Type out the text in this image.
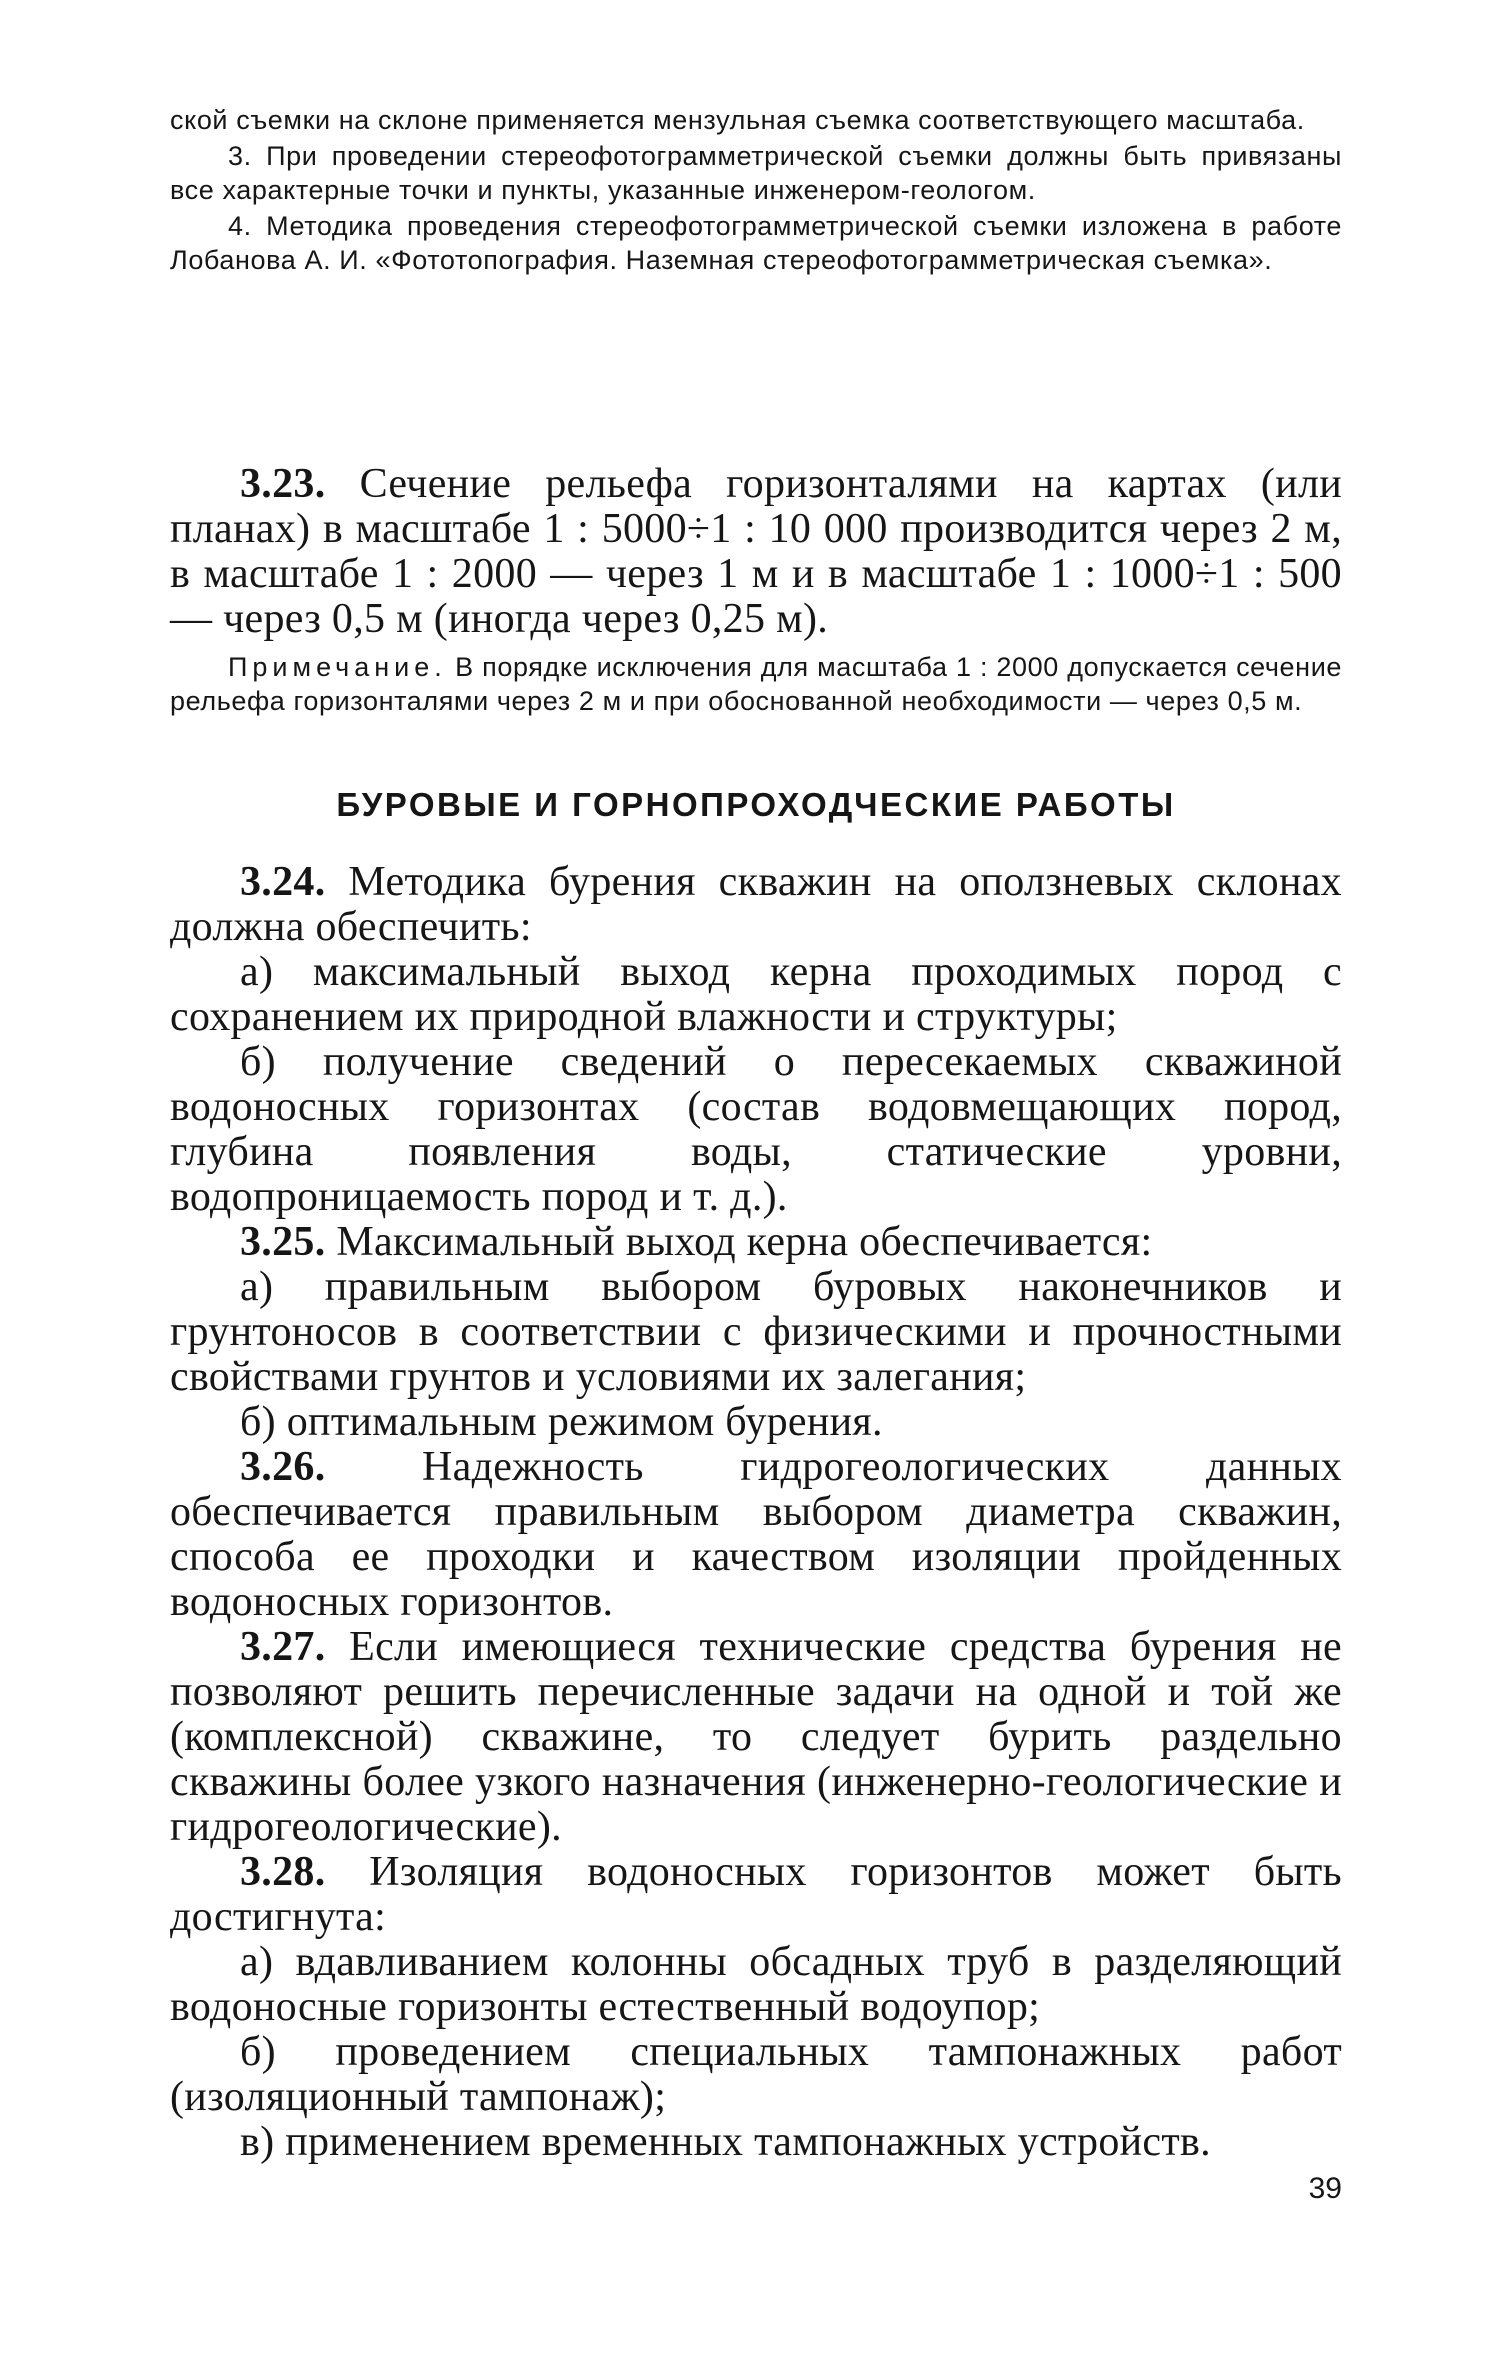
ской съемки на склоне применяется мензульная съемка соответствующего масштаба.

3. При проведении стереофотограмметрической съемки должны быть привязаны все характерные точки и пункты, указанные инженером-геологом.

4. Методика проведения стереофотограмметрической съемки изложена в работе Лобанова А. И. «Фототопография. Наземная стереофотограмметрическая съемка».

3.23. Сечение рельефа горизонталями на картах (или планах) в масштабе 1 : 5000÷1 : 10 000 производится через 2 м, в масштабе 1 : 2000 — через 1 м и в масштабе 1 : 1000÷1 : 500 — через 0,5 м (иногда через 0,25 м).

Примечание. В порядке исключения для масштаба 1 : 2000 допускается сечение рельефа горизонталями через 2 м и при обоснованной необходимости — через 0,5 м.

БУРОВЫЕ И ГОРНОПРОХОДЧЕСКИЕ РАБОТЫ

3.24. Методика бурения скважин на оползневых склонах должна обеспечить:

а) максимальный выход керна проходимых пород с сохранением их природной влажности и структуры;

б) получение сведений о пересекаемых скважиной водоносных горизонтах (состав водовмещающих пород, глубина появления воды, статические уровни, водопроницаемость пород и т. д.).

3.25. Максимальный выход керна обеспечивается:

а) правильным выбором буровых наконечников и грунтоносов в соответствии с физическими и прочностными свойствами грунтов и условиями их залегания;

б) оптимальным режимом бурения.

3.26. Надежность гидрогеологических данных обеспечивается правильным выбором диаметра скважин, способа ее проходки и качеством изоляции пройденных водоносных горизонтов.

3.27. Если имеющиеся технические средства бурения не позволяют решить перечисленные задачи на одной и той же (комплексной) скважине, то следует бурить раздельно скважины более узкого назначения (инженерно-геологические и гидрогеологические).

3.28. Изоляция водоносных горизонтов может быть достигнута:

а) вдавливанием колонны обсадных труб в разделяющий водоносные горизонты естественный водоупор;

б) проведением специальных тампонажных работ (изоляционный тампонаж);

в) применением временных тампонажных устройств.

39
